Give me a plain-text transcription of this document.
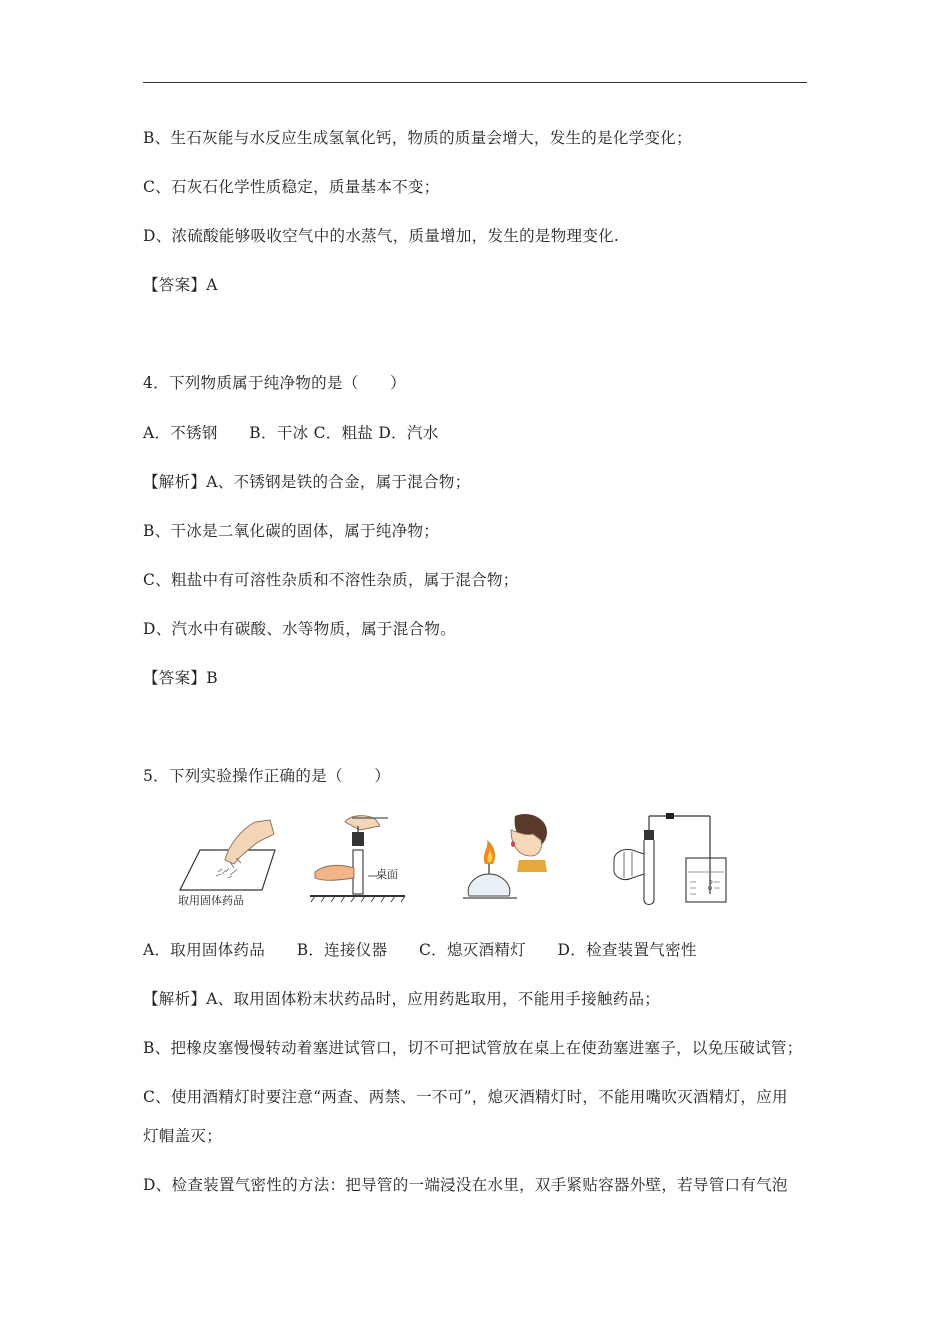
B、生石灰能与水反应生成氢氧化钙，物质的质量会增大，发生的是化学变化；
C、石灰石化学性质稳定，质量基本不变；
D、浓硫酸能够吸收空气中的水蒸气，质量增加，发生的是物理变化.
【答案】A
4．下列物质属于纯净物的是（　　）
A．不锈钢　　B．干冰 C．粗盐 D．汽水
【解析】A、不锈钢是铁的合金，属于混合物；
B、干冰是二氧化碳的固体，属于纯净物；
C、粗盐中有可溶性杂质和不溶性杂质，属于混合物；
D、汽水中有碳酸、水等物质，属于混合物。
【答案】B
5．下列实验操作正确的是（　　）
取用固体药品
桌面
A．取用固体药品　　B．连接仪器　　C．熄灭酒精灯　　D．检查装置气密性
【解析】A、取用固体粉末状药品时，应用药匙取用，不能用手接触药品；
B、把橡皮塞慢慢转动着塞进试管口，切不可把试管放在桌上在使劲塞进塞子，以免压破试管；
C、使用酒精灯时要注意“两查、两禁、一不可”，熄灭酒精灯时，不能用嘴吹灭酒精灯，应用
灯帽盖灭；
D、检查装置气密性的方法：把导管的一端浸没在水里，双手紧贴容器外壁，若导管口有气泡
